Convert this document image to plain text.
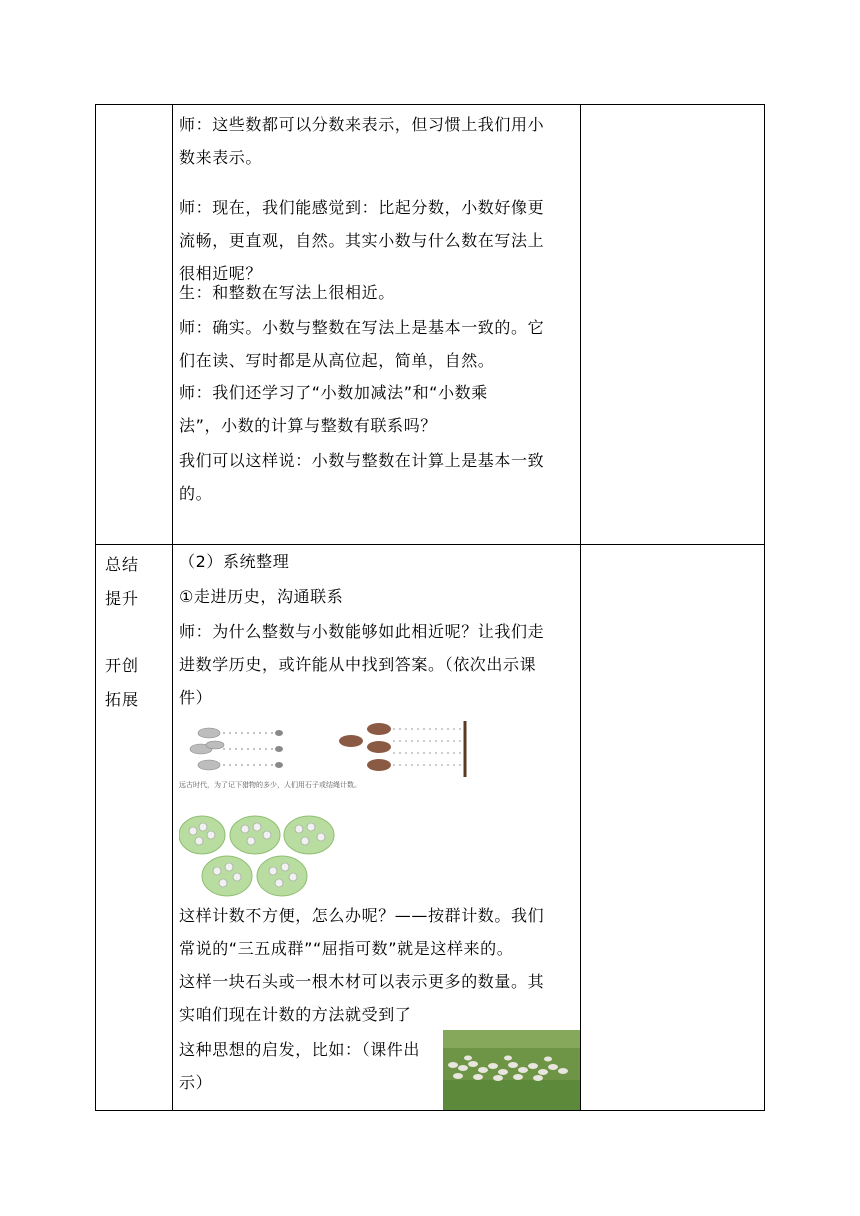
师：这些数都可以分数来表示，但习惯上我们用小
数来表示。
师：现在，我们能感觉到：比起分数，小数好像更
流畅，更直观，自然。其实小数与什么数在写法上
很相近呢？
生：和整数在写法上很相近。
师：确实。小数与整数在写法上是基本一致的。它
们在读、写时都是从高位起，简单，自然。
师：我们还学习了“小数加减法”和“小数乘
法”，小数的计算与整数有联系吗？
我们可以这样说：小数与整数在计算上是基本一致
的。
总结
提升
开创
拓展
（2）系统整理
①走进历史，沟通联系
师：为什么整数与小数能够如此相近呢？让我们走
进数学历史，或许能从中找到答案。（依次出示课
件）
远古时代，为了记下猎物的多少，人们用石子或结绳计数。
这样计数不方便，怎么办呢？——按群计数。我们
常说的“三五成群”“屈指可数”就是这样来的。
这样一块石头或一根木材可以表示更多的数量。其
实咱们现在计数的方法就受到了
这种思想的启发，比如：（课件出
示）
